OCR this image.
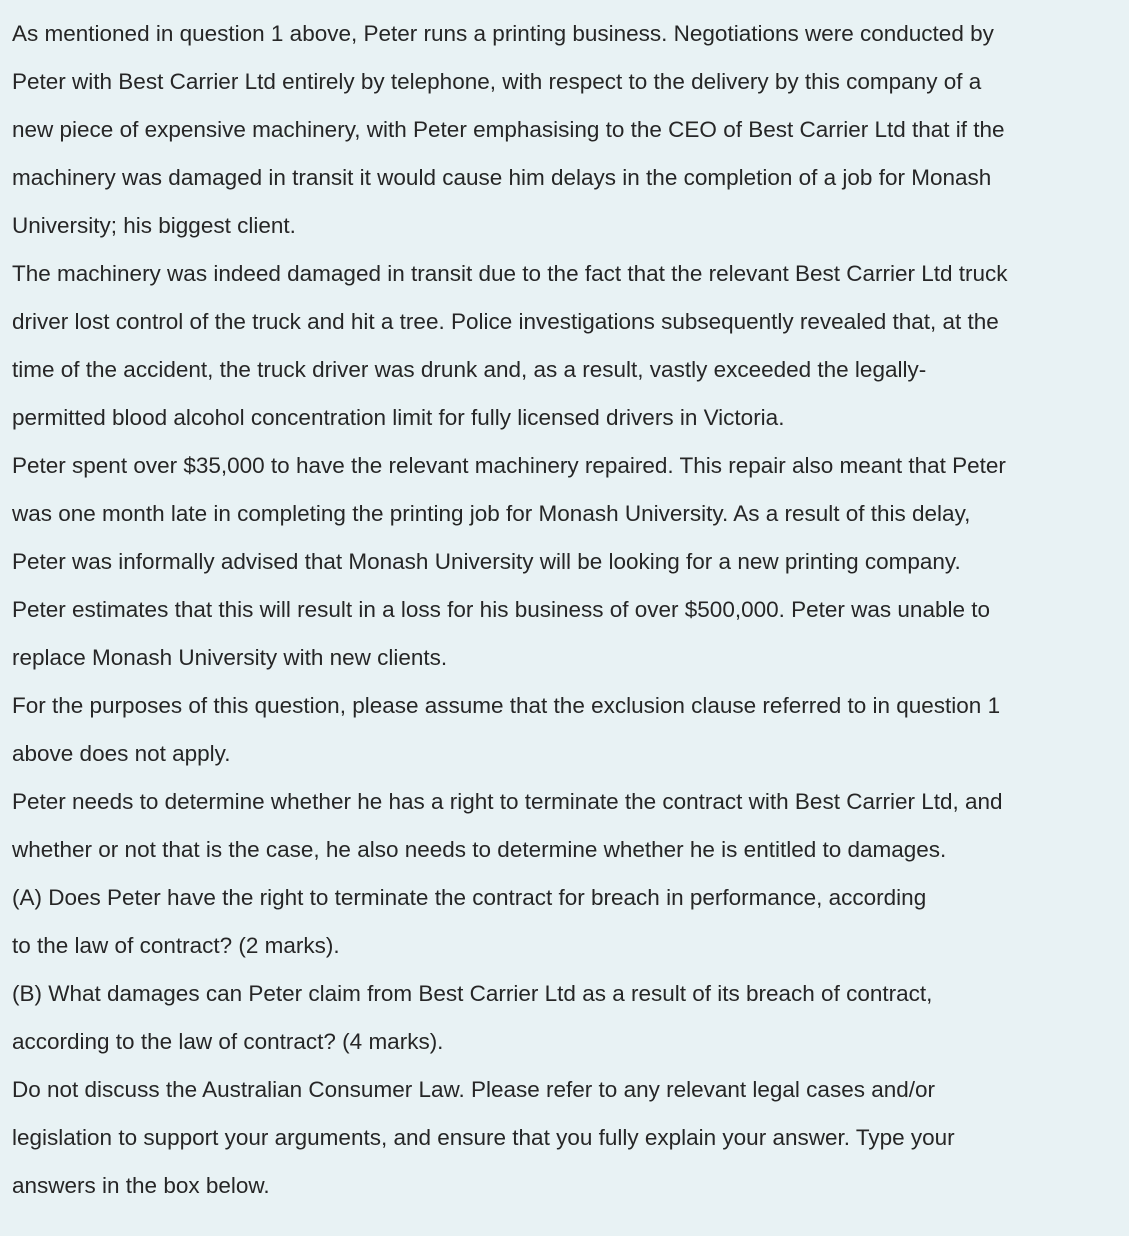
As mentioned in question 1 above, Peter runs a printing business. Negotiations were conducted by
Peter with Best Carrier Ltd entirely by telephone, with respect to the delivery by this company of a
new piece of expensive machinery, with Peter emphasising to the CEO of Best Carrier Ltd that if the
machinery was damaged in transit it would cause him delays in the completion of a job for Monash
University; his biggest client.

The machinery was indeed damaged in transit due to the fact that the relevant Best Carrier Ltd truck
driver lost control of the truck and hit a tree. Police investigations subsequently revealed that, at the
time of the accident, the truck driver was drunk and, as a result, vastly exceeded the legally-
permitted blood alcohol concentration limit for fully licensed drivers in Victoria.

Peter spent over $35,000 to have the relevant machinery repaired. This repair also meant that Peter
was one month late in completing the printing job for Monash University. As a result of this delay,
Peter was informally advised that Monash University will be looking for a new printing company.
Peter estimates that this will result in a loss for his business of over $500,000. Peter was unable to
replace Monash University with new clients.

For the purposes of this question, please assume that the exclusion clause referred to in question 1
above does not apply.

Peter needs to determine whether he has a right to terminate the contract with Best Carrier Ltd, and
whether or not that is the case, he also needs to determine whether he is entitled to damages.

(A) Does Peter have the right to terminate the contract for breach in performance, according
to the law of contract? (2 marks).

(B) What damages can Peter claim from Best Carrier Ltd as a result of its breach of contract,
according to the law of contract? (4 marks).

Do not discuss the Australian Consumer Law. Please refer to any relevant legal cases and/or
legislation to support your arguments, and ensure that you fully explain your answer. Type your
answers in the box below.
